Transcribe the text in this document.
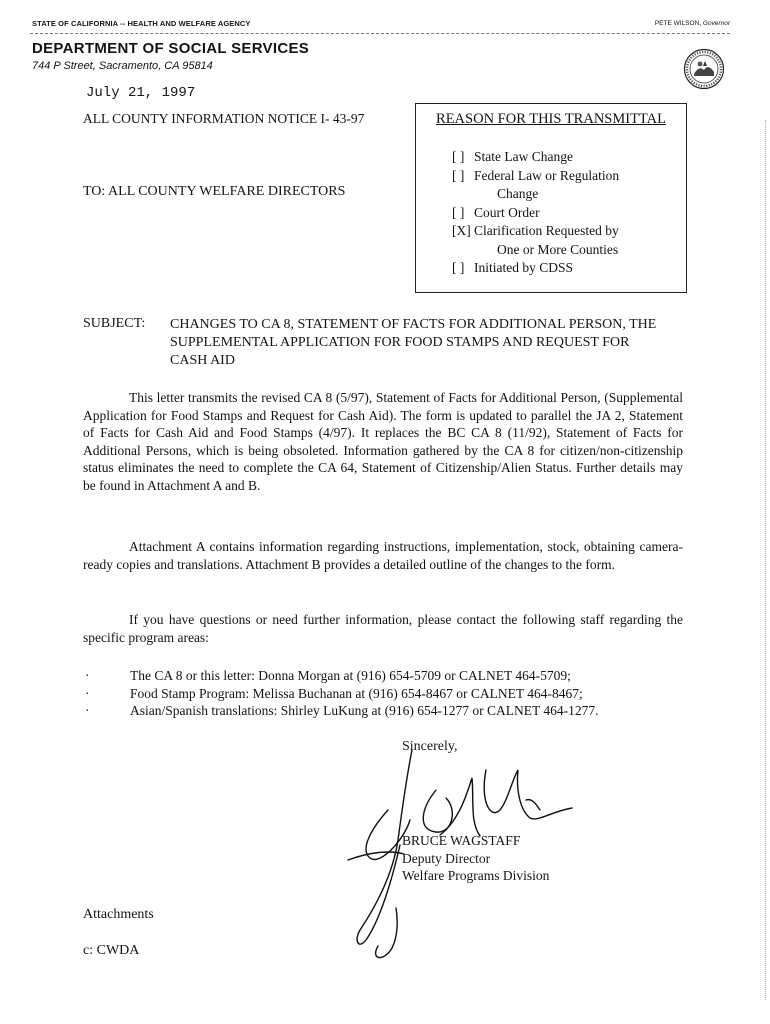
STATE OF CALIFORNIA -- HEALTH AND WELFARE AGENCY	PETE WILSON, Governor
DEPARTMENT OF SOCIAL SERVICES
744 P Street, Sacramento, CA 95814
July 21, 1997
ALL COUNTY INFORMATION NOTICE I- 43-97
TO: ALL COUNTY WELFARE DIRECTORS
REASON FOR THIS TRANSMITTAL
[ ] State Law Change
[ ] Federal Law or Regulation
Change
[ ] Court Order
[X] Clarification Requested by
One or More Counties
[ ] Initiated by CDSS
SUBJECT: CHANGES TO CA 8, STATEMENT OF FACTS FOR ADDITIONAL PERSON, THE SUPPLEMENTAL APPLICATION FOR FOOD STAMPS AND REQUEST FOR CASH AID
This letter transmits the revised CA 8 (5/97), Statement of Facts for Additional Person, (Supplemental Application for Food Stamps and Request for Cash Aid). The form is updated to parallel the JA 2, Statement of Facts for Cash Aid and Food Stamps (4/97). It replaces the BC CA 8 (11/92), Statement of Facts for Additional Persons, which is being obsoleted. Information gathered by the CA 8 for citizen/non-citizenship status eliminates the need to complete the CA 64, Statement of Citizenship/Alien Status. Further details may be found in Attachment A and B.
Attachment A contains information regarding instructions, implementation, stock, obtaining camera-ready copies and translations. Attachment B provides a detailed outline of the changes to the form.
If you have questions or need further information, please contact the following staff regarding the specific program areas:
· The CA 8 or this letter: Donna Morgan at (916) 654-5709 or CALNET 464-5709;
· Food Stamp Program: Melissa Buchanan at (916) 654-8467 or CALNET 464-8467;
· Asian/Spanish translations: Shirley LuKung at (916) 654-1277 or CALNET 464-1277.
Sincerely,
BRUCE WAGSTAFF
Deputy Director
Welfare Programs Division
Attachments
c: CWDA
